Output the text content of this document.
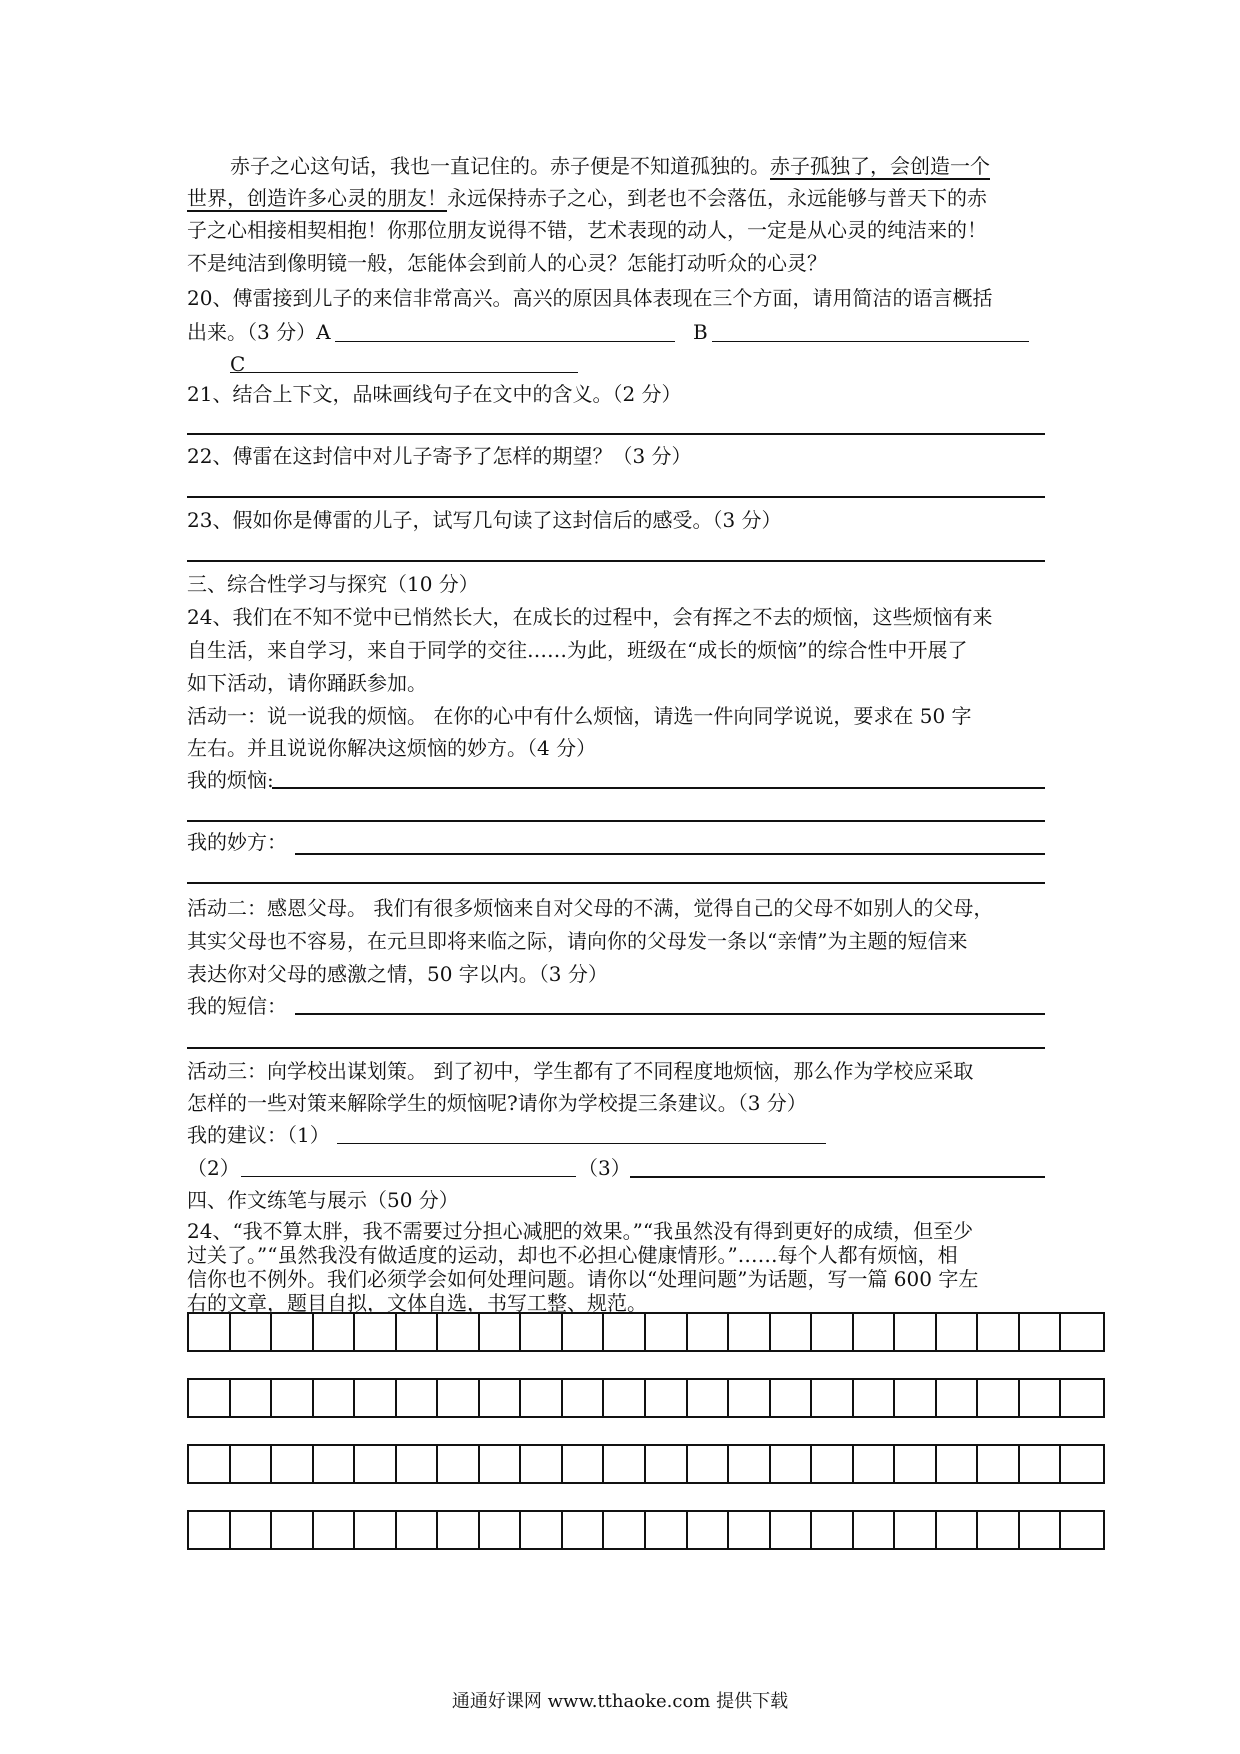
赤子之心这句话，我也一直记住的。赤子便是不知道孤独的。赤子孤独了，会创造一个
世界，创造许多心灵的朋友！永远保持赤子之心，到老也不会落伍，永远能够与普天下的赤
子之心相接相契相抱！你那位朋友说得不错，艺术表现的动人，一定是从心灵的纯洁来的！
不是纯洁到像明镜一般，怎能体会到前人的心灵？怎能打动听众的心灵？
20、傅雷接到儿子的来信非常高兴。高兴的原因具体表现在三个方面，请用简洁的语言概括
出来。（3 分）A	B
C
21、结合上下文，品味画线句子在文中的含义。（2 分）
22、傅雷在这封信中对儿子寄予了怎样的期望？（3 分）
23、假如你是傅雷的儿子，试写几句读了这封信后的感受。（3 分）
三、综合性学习与探究（10 分）
24、我们在不知不觉中已悄然长大，在成长的过程中，会有挥之不去的烦恼，这些烦恼有来
自生活，来自学习，来自于同学的交往……为此，班级在“成长的烦恼”的综合性中开展了
如下活动，请你踊跃参加。
活动一：说一说我的烦恼。 在你的心中有什么烦恼，请选一件向同学说说，要求在 50 字
左右。并且说说你解决这烦恼的妙方。（4 分）
我的烦恼:
我的妙方：
活动二：感恩父母。 我们有很多烦恼来自对父母的不满，觉得自己的父母不如别人的父母，
其实父母也不容易，在元旦即将来临之际，请向你的父母发一条以“亲情”为主题的短信来
表达你对父母的感激之情，50 字以内。（3 分）
我的短信：
活动三：向学校出谋划策。 到了初中，学生都有了不同程度地烦恼，那么作为学校应采取
怎样的一些对策来解除学生的烦恼呢?请你为学校提三条建议。（3 分）
我的建议：（1）
（2）	（3）
四、作文练笔与展示（50 分）
24、“我不算太胖，我不需要过分担心减肥的效果。”“我虽然没有得到更好的成绩，但至少
过关了。”“虽然我没有做适度的运动，却也不必担心健康情形。”……每个人都有烦恼，相
信你也不例外。我们必须学会如何处理问题。请你以“处理问题”为话题，写一篇 600 字左
右的文章，题目自拟，文体自选，书写工整、规范。
通通好课网 www.tthaoke.com 提供下载
